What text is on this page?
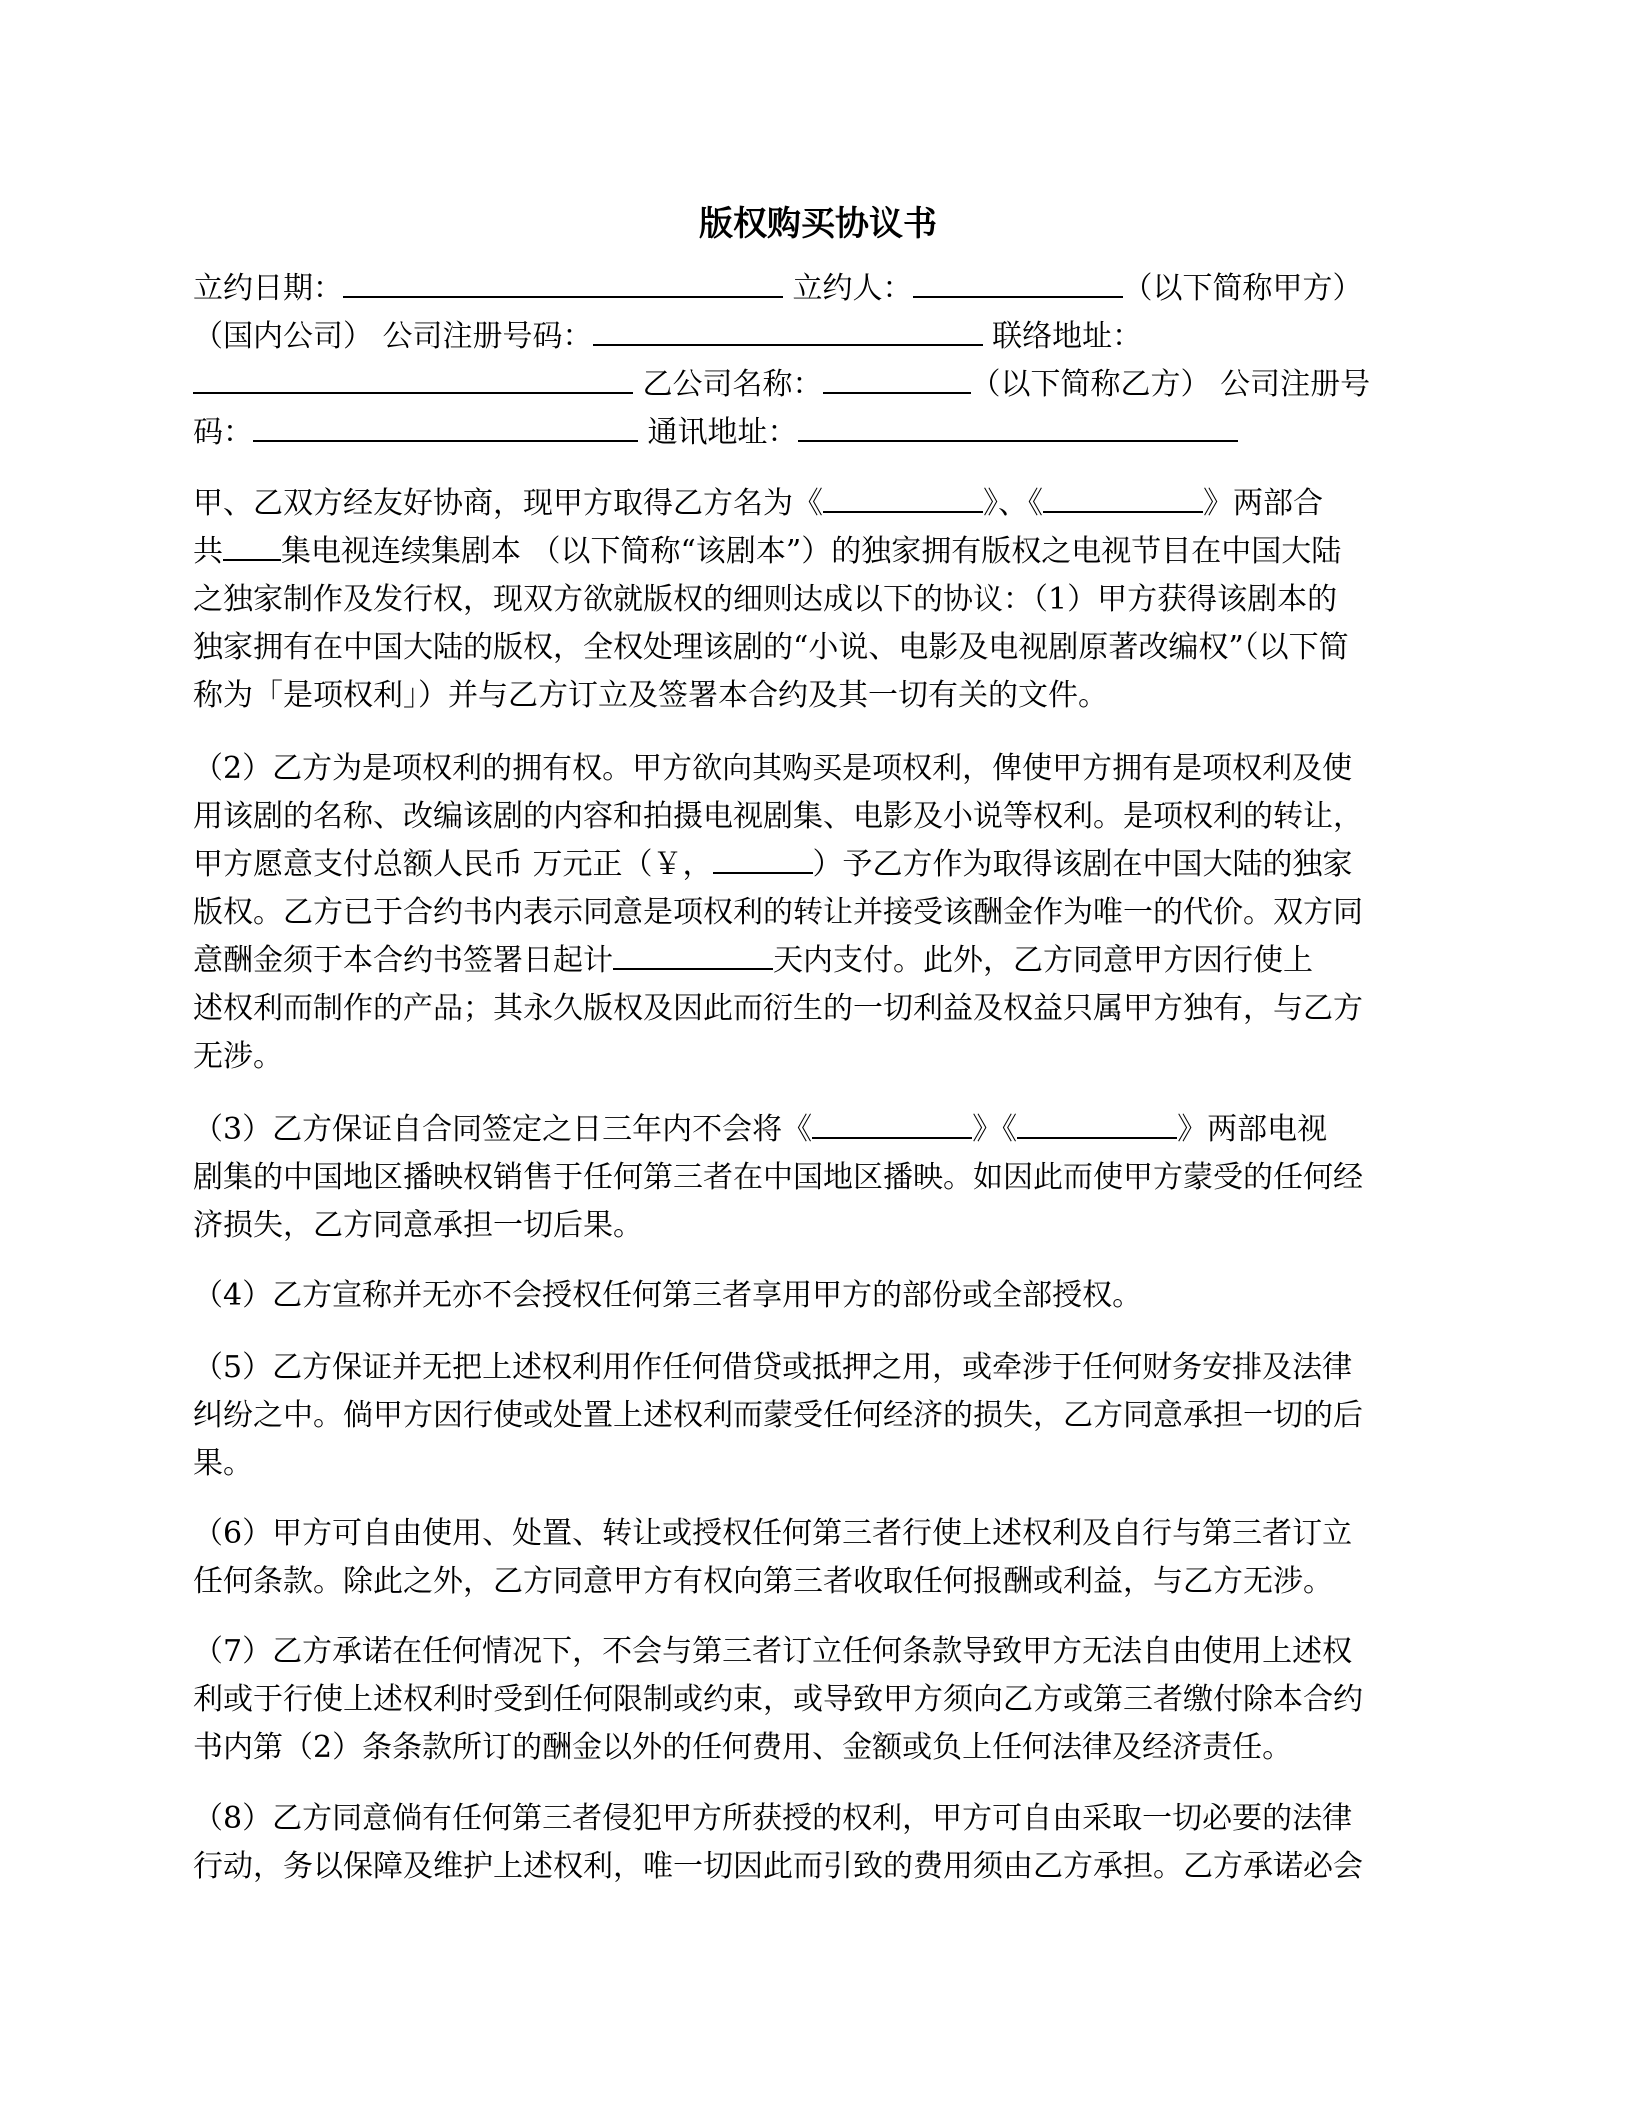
版权购买协议书
立约日期：	立约人：	（以下简称甲方）
（国内公司） 公司注册号码：	联络地址：
乙公司名称：	（以下简称乙方） 公司注册号
码：	通讯地址：
甲、乙双方经友好协商，现甲方取得乙方名为《	》、《	》两部合
共 集电视连续集剧本 （以下简称“该剧本”）的独家拥有版权之电视节目在中国大陆
之独家制作及发行权，现双方欲就版权的细则达成以下的协议：（1）甲方获得该剧本的
独家拥有在中国大陆的版权，全权处理该剧的“小说、电影及电视剧原著改编权”（以下简
称为「是项权利」）并与乙方订立及签署本合约及其一切有关的文件。
（2）乙方为是项权利的拥有权。甲方欲向其购买是项权利，俾使甲方拥有是项权利及使
用该剧的名称、改编该剧的内容和拍摄电视剧集、电影及小说等权利。是项权利的转让，
甲方愿意支付总额人民币 万元正（￥，	）予乙方作为取得该剧在中国大陆的独家
版权。乙方已于合约书内表示同意是项权利的转让并接受该酬金作为唯一的代价。双方同
意酬金须于本合约书签署日起计	天内支付。此外，乙方同意甲方因行使上
述权利而制作的产品；其永久版权及因此而衍生的一切利益及权益只属甲方独有，与乙方
无涉。
（3）乙方保证自合同签定之日三年内不会将《	》《	》两部电视
剧集的中国地区播映权销售于任何第三者在中国地区播映。如因此而使甲方蒙受的任何经
济损失，乙方同意承担一切后果。
（4）乙方宣称并无亦不会授权任何第三者享用甲方的部份或全部授权。
（5）乙方保证并无把上述权利用作任何借贷或抵押之用，或牵涉于任何财务安排及法律
纠纷之中。倘甲方因行使或处置上述权利而蒙受任何经济的损失，乙方同意承担一切的后
果。
（6）甲方可自由使用、处置、转让或授权任何第三者行使上述权利及自行与第三者订立
任何条款。除此之外，乙方同意甲方有权向第三者收取任何报酬或利益，与乙方无涉。
（7）乙方承诺在任何情况下，不会与第三者订立任何条款导致甲方无法自由使用上述权
利或于行使上述权利时受到任何限制或约束，或导致甲方须向乙方或第三者缴付除本合约
书内第（2）条条款所订的酬金以外的任何费用、金额或负上任何法律及经济责任。
（8）乙方同意倘有任何第三者侵犯甲方所获授的权利，甲方可自由采取一切必要的法律
行动，务以保障及维护上述权利，唯一切因此而引致的费用须由乙方承担。乙方承诺必会
